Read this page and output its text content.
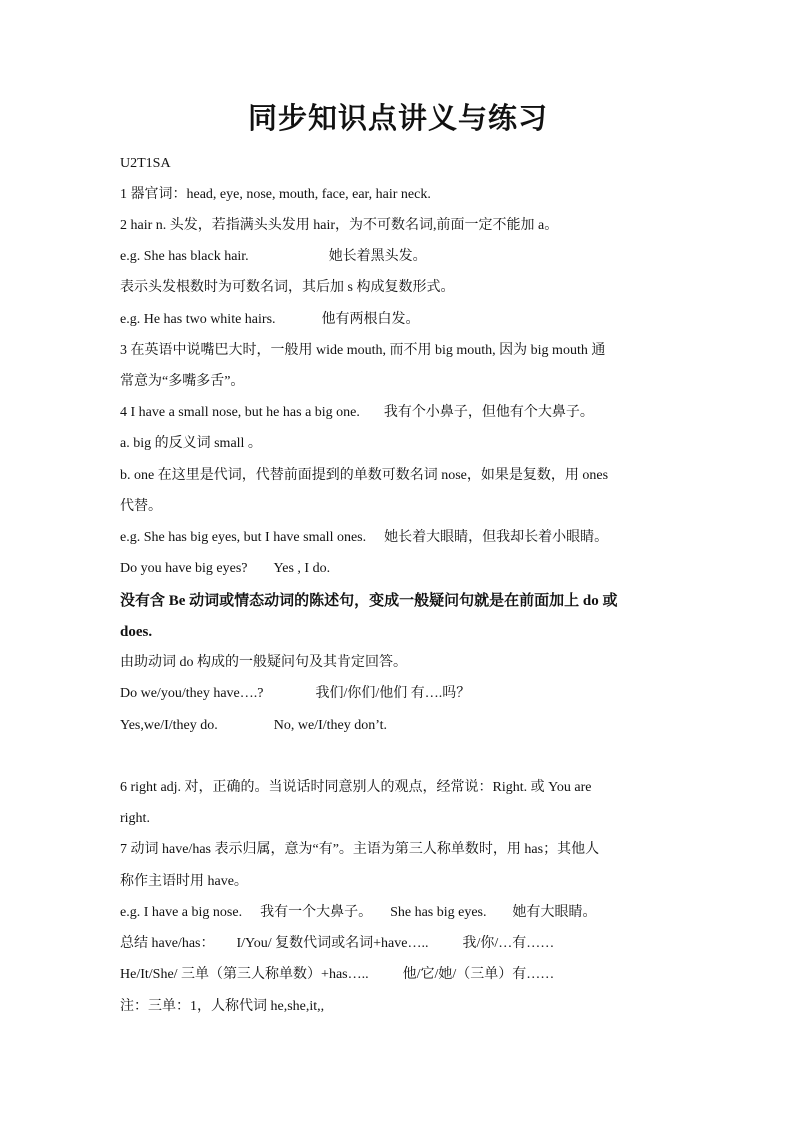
同步知识点讲义与练习
U2T1SA
1 器官词：head, eye, nose, mouth, face, ear, hair neck.
2 hair n. 头发，若指满头头发用 hair，为不可数名词,前面一定不能加 a。
e.g. She has black hair.	她长着黑头发。
表示头发根数时为可数名词，其后加 s 构成复数形式。
e.g. He has two white hairs.	他有两根白发。
3 在英语中说嘴巴大时，一般用 wide mouth, 而不用 big mouth, 因为 big mouth 通
常意为“多嘴多舌”。
4 I have a small nose, but he has a big one. 我有个小鼻子，但他有个大鼻子。
a. big 的反义词 small 。
b. one 在这里是代词，代替前面提到的单数可数名词 nose，如果是复数，用 ones
代替。
e.g. She has big eyes, but I have small ones. 她长着大眼睛，但我却长着小眼睛。
Do you have big eyes? Yes , I do.
没有含 Be 动词或情态动词的陈述句，变成一般疑问句就是在前面加上 do 或
does.
由助动词 do 构成的一般疑问句及其肯定回答。
Do we/you/they have….?	我们/你们/他们 有….吗？
Yes,we/I/they do.	No, we/I/they don’t.
6 right adj. 对，正确的。当说话时同意别人的观点，经常说：Right. 或 You are
right.
7 动词 have/has 表示归属，意为“有”。主语为第三人称单数时，用 has；其他人
称作主语时用 have。
e.g. I have a big nose. 我有一个大鼻子。 She has big eyes. 她有大眼睛。
总结 have/has： I/You/ 复数代词或名词+have….. 我/你/…有……
He/It/She/ 三单（第三人称单数）+has….. 他/它/她/（三单）有……
注：三单：1，人称代词 he,she,it,,
